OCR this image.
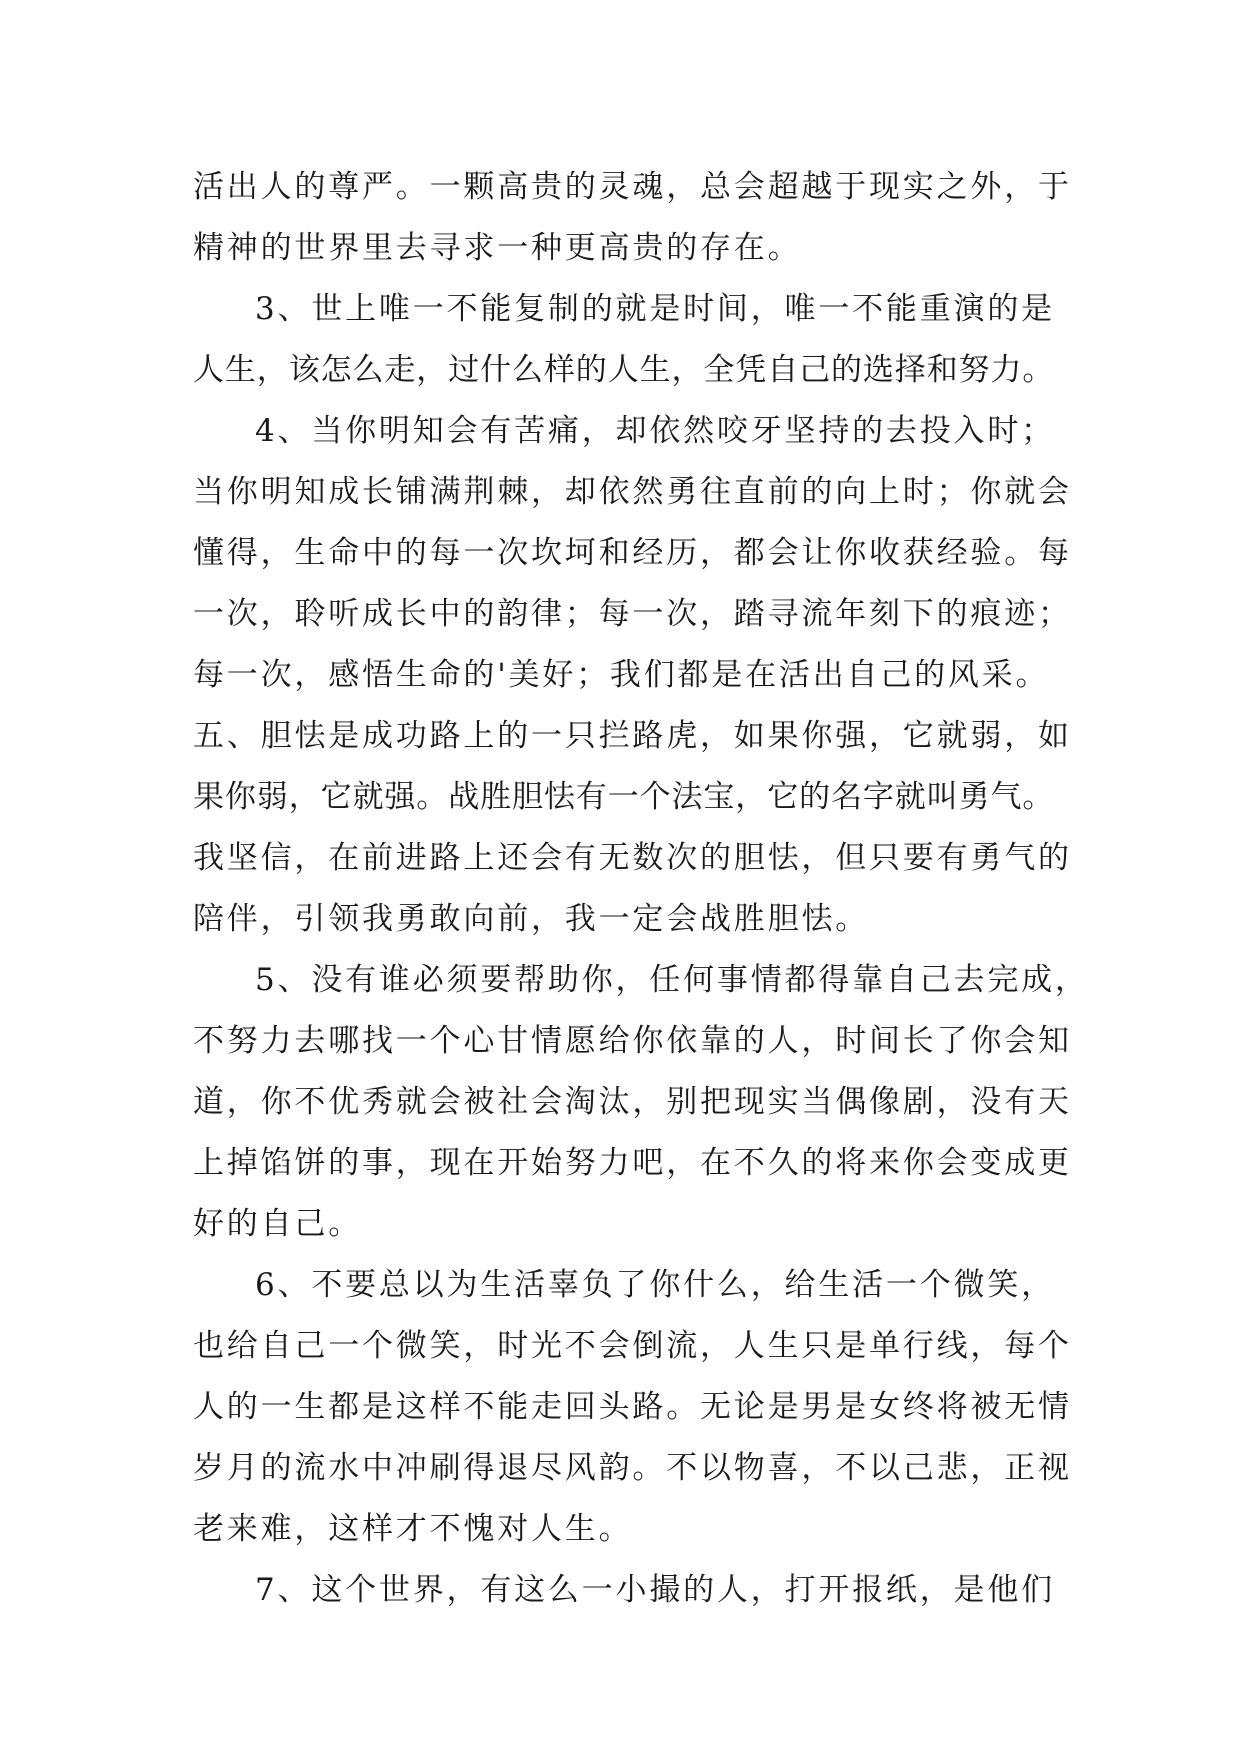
活出人的尊严。一颗高贵的灵魂，总会超越于现实之外，于
精神的世界里去寻求一种更高贵的存在。
3、世上唯一不能复制的就是时间，唯一不能重演的是
人生，该怎么走，过什么样的人生，全凭自己的选择和努力。
4、当你明知会有苦痛，却依然咬牙坚持的去投入时；
当你明知成长铺满荆棘，却依然勇往直前的向上时；你就会
懂得，生命中的每一次坎坷和经历，都会让你收获经验。每
一次，聆听成长中的韵律；每一次，踏寻流年刻下的痕迹；
每一次，感悟生命的'美好；我们都是在活出自己的风采。
五、胆怯是成功路上的一只拦路虎，如果你强，它就弱，如
果你弱，它就强。战胜胆怯有一个法宝，它的名字就叫勇气。
我坚信，在前进路上还会有无数次的胆怯，但只要有勇气的
陪伴，引领我勇敢向前，我一定会战胜胆怯。
5、没有谁必须要帮助你，任何事情都得靠自己去完成，
不努力去哪找一个心甘情愿给你依靠的人，时间长了你会知
道，你不优秀就会被社会淘汰，别把现实当偶像剧，没有天
上掉馅饼的事，现在开始努力吧，在不久的将来你会变成更
好的自己。
6、不要总以为生活辜负了你什么，给生活一个微笑，
也给自己一个微笑，时光不会倒流，人生只是单行线，每个
人的一生都是这样不能走回头路。无论是男是女终将被无情
岁月的流水中冲刷得退尽风韵。不以物喜，不以己悲，正视
老来难，这样才不愧对人生。
7、这个世界，有这么一小撮的人，打开报纸，是他们
